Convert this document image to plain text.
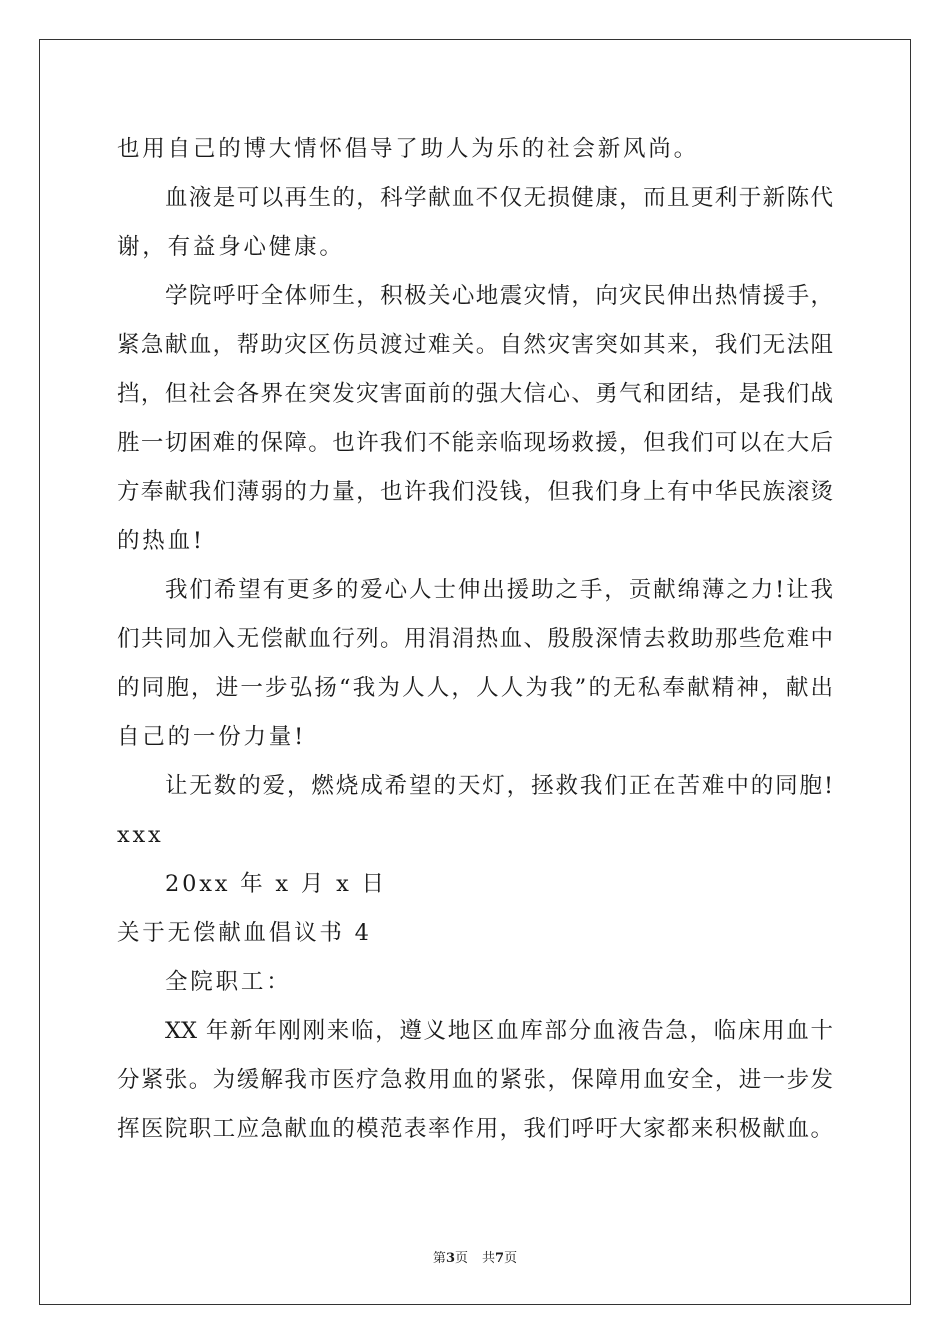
也用自己的博大情怀倡导了助人为乐的社会新风尚。
血液是可以再生的，科学献血不仅无损健康，而且更利于新陈代
谢，有益身心健康。
学院呼吁全体师生，积极关心地震灾情，向灾民伸出热情援手，
紧急献血，帮助灾区伤员渡过难关。自然灾害突如其来，我们无法阻
挡，但社会各界在突发灾害面前的强大信心、勇气和团结，是我们战
胜一切困难的保障。也许我们不能亲临现场救援，但我们可以在大后
方奉献我们薄弱的力量，也许我们没钱，但我们身上有中华民族滚烫
的热血!
我们希望有更多的爱心人士伸出援助之手，贡献绵薄之力!让我
们共同加入无偿献血行列。用涓涓热血、殷殷深情去救助那些危难中
的同胞，进一步弘扬“我为人人，人人为我”的无私奉献精神，献出
自己的一份力量!
让无数的爱，燃烧成希望的天灯，拯救我们正在苦难中的同胞!
xxx
20xx 年 x 月 x 日
关于无偿献血倡议书 4
全院职工：
XX 年新年刚刚来临，遵义地区血库部分血液告急，临床用血十
分紧张。为缓解我市医疗急救用血的紧张，保障用血安全，进一步发
挥医院职工应急献血的模范表率作用，我们呼吁大家都来积极献血。
第3页 共7页
